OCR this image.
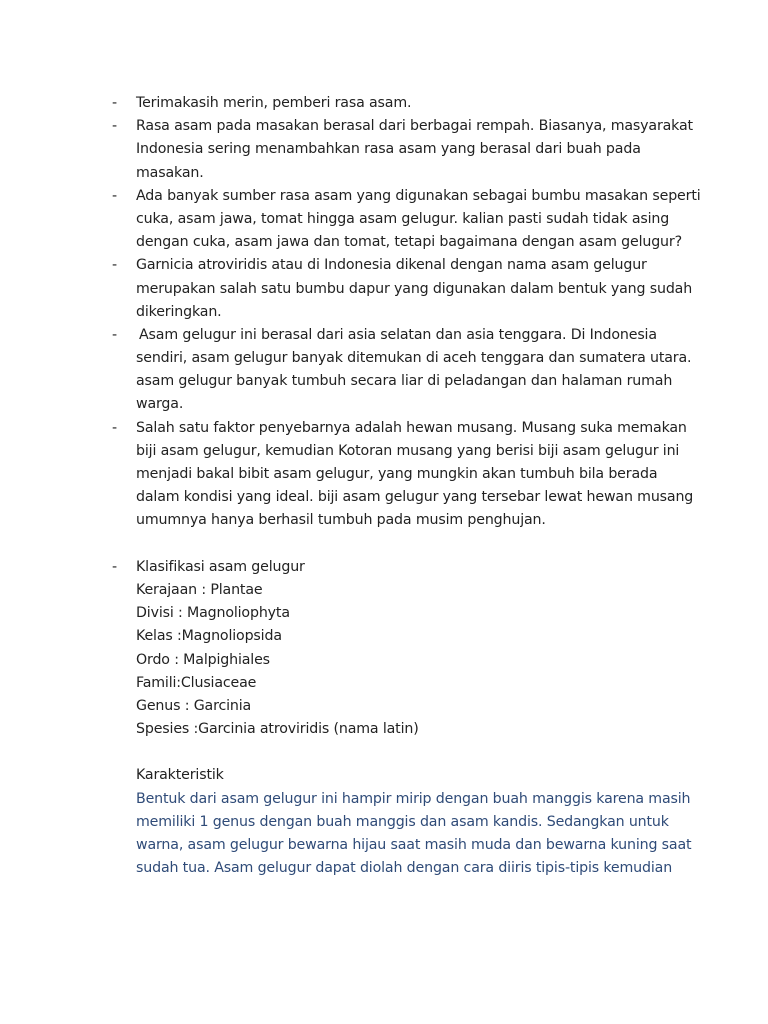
- Terimakasih merin, pemberi rasa asam.
- Rasa asam pada masakan berasal dari berbagai rempah. Biasanya, masyarakat
Indonesia sering menambahkan rasa asam yang berasal dari buah pada
masakan.
- Ada banyak sumber rasa asam yang digunakan sebagai bumbu masakan seperti
cuka, asam jawa, tomat hingga asam gelugur. kalian pasti sudah tidak asing
dengan cuka, asam jawa dan tomat, tetapi bagaimana dengan asam gelugur?
- Garnicia atroviridis atau di Indonesia dikenal dengan nama asam gelugur
merupakan salah satu bumbu dapur yang digunakan dalam bentuk yang sudah
dikeringkan.
- Asam gelugur ini berasal dari asia selatan dan asia tenggara. Di Indonesia
sendiri, asam gelugur banyak ditemukan di aceh tenggara dan sumatera utara.
asam gelugur banyak tumbuh secara liar di peladangan dan halaman rumah
warga.
- Salah satu faktor penyebarnya adalah hewan musang. Musang suka memakan
biji asam gelugur, kemudian Kotoran musang yang berisi biji asam gelugur ini
menjadi bakal bibit asam gelugur, yang mungkin akan tumbuh bila berada
dalam kondisi yang ideal. biji asam gelugur yang tersebar lewat hewan musang
umumnya hanya berhasil tumbuh pada musim penghujan.
- Klasifikasi asam gelugur
Kerajaan : Plantae
Divisi : Magnoliophyta
Kelas :Magnoliopsida
Ordo : Malpighiales
Famili:Clusiaceae
Genus : Garcinia
Spesies :Garcinia atroviridis (nama latin)
Karakteristik
Bentuk dari asam gelugur ini hampir mirip dengan buah manggis karena masih
memiliki 1 genus dengan buah manggis dan asam kandis. Sedangkan untuk
warna, asam gelugur bewarna hijau saat masih muda dan bewarna kuning saat
sudah tua. Asam gelugur dapat diolah dengan cara diiris tipis-tipis kemudian
